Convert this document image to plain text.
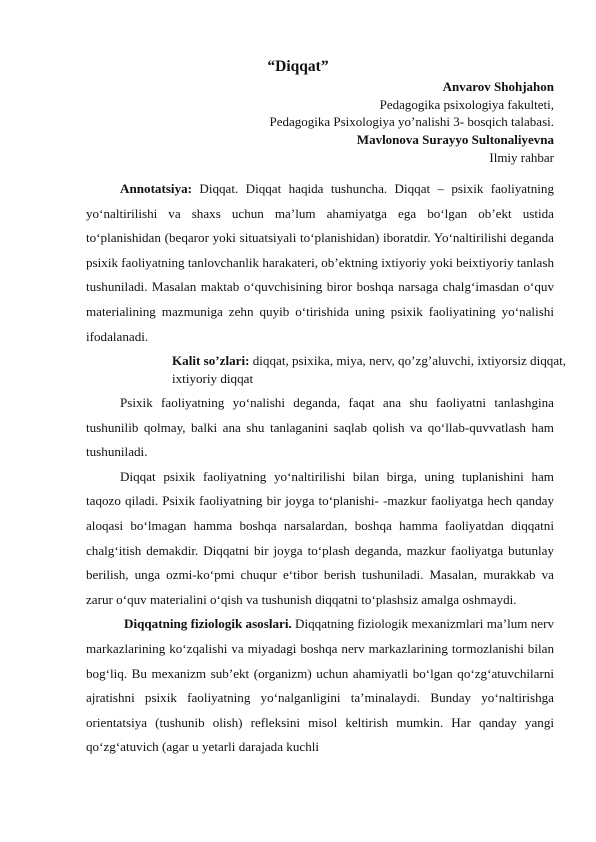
“Diqqat”
Anvarov Shohjahon
Pedagogika psixologiya fakulteti,
Pedagogika Psixologiya yo’nalishi 3- bosqich talabasi.
Mavlonova Surayyo Sultonaliyevna
Ilmiy rahbar

Annotatsiya: Diqqat. Diqqat haqida tushuncha. Diqqat – psixik faoliyatning yo‘naltirilishi va shaxs uchun ma’lum ahamiyatga ega bo‘lgan ob’ekt ustida to‘planishidan (beqaror yoki situatsiyali to‘planishidan) iboratdir. Yo‘naltirilishi deganda psixik faoliyatning tanlovchanlik harakateri, ob’ektning ixtiyoriy yoki beixtiyoriy tanlash tushuniladi. Masalan maktab o‘quvchisining biror boshqa narsaga chalg‘imasdan o‘quv materialining mazmuniga zehn quyib o‘tirishida uning psixik faoliyatining yo‘nalishi ifodalanadi.

Kalit so’zlari: diqqat, psixika, miya, nerv, qo’zg’aluvchi, ixtiyorsiz diqqat, ixtiyoriy diqqat

Psixik faoliyatning yo‘nalishi deganda, faqat ana shu faoliyatni tanlashgina tushunilib qolmay, balki ana shu tanlaganini saqlab qolish va qo‘llab-quvvatlash ham tushuniladi.

Diqqat psixik faoliyatning yo‘naltirilishi bilan birga, uning tuplanishini ham taqozo qiladi. Psixik faoliyatning bir joyga to‘planishi- -mazkur faoliyatga hech qanday aloqasi bo‘lmagan hamma boshqa narsalardan, boshqa hamma faoliyatdan diqqatni chalg‘itish demakdir. Diqqatni bir joyga to‘plash deganda, mazkur faoliyatga butunlay berilish, unga ozmi-ko‘pmi chuqur e‘tibor berish tushuniladi. Masalan, murakkab va zarur o‘quv materialini o‘qish va tushunish diqqatni to‘plashsiz amalga oshmaydi.

Diqqatning fiziologik asoslari. Diqqatning fiziologik mexanizmlari ma’lum nerv markazlarining ko‘zqalishi va miyadagi boshqa nerv markazlarining tormozlanishi bilan bog‘liq. Bu mexanizm sub’ekt (organizm) uchun ahamiyatli bo‘lgan qo‘zg‘atuvchilarni ajratishni psixik faoliyatning yo‘nalganligini ta’minalaydi. Bunday yo‘naltirishga orientatsiya (tushunib olish) refleksini misol keltirish mumkin. Har qanday yangi qo‘zg‘atuvich (agar u yetarli darajada kuchli
